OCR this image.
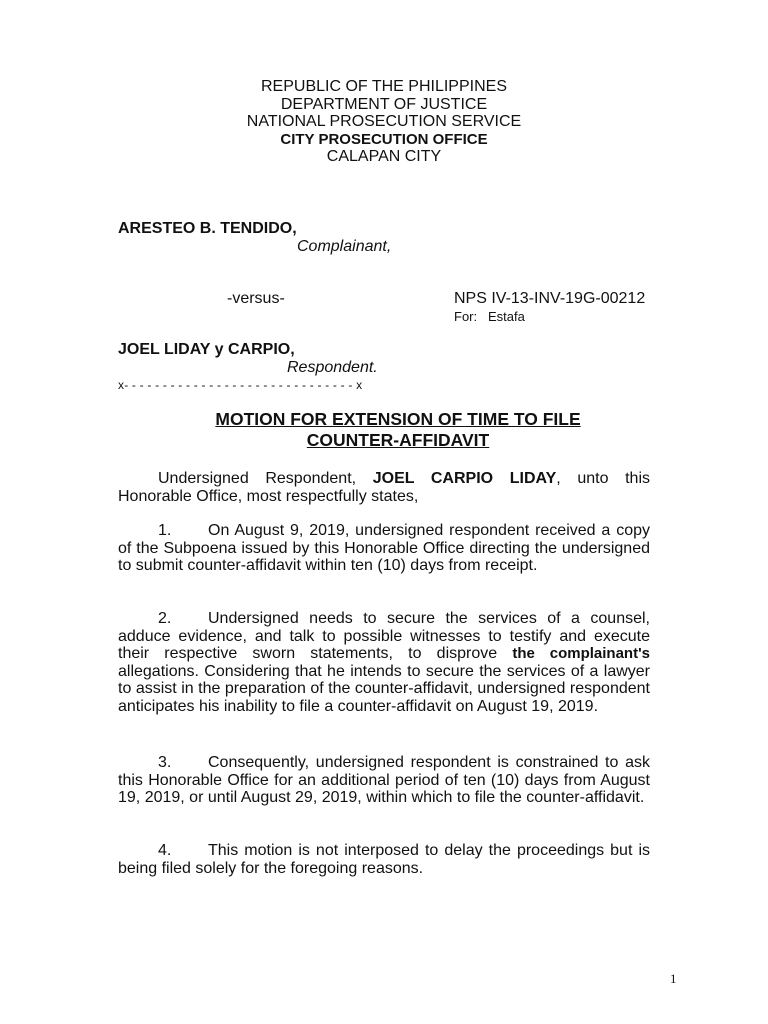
REPUBLIC OF THE PHILIPPINES
DEPARTMENT OF JUSTICE
NATIONAL PROSECUTION SERVICE
CITY PROSECUTION OFFICE
CALAPAN CITY
ARESTEO B. TENDIDO,
Complainant,
-versus-	NPS IV-13-INV-19G-00212
For: Estafa
JOEL LIDAY y CARPIO,
Respondent.
x- - - - - - - - - - - - - - - - - - - - - - - - - - - - - - x
MOTION FOR EXTENSION OF TIME TO FILE
COUNTER-AFFIDAVIT
Undersigned Respondent, JOEL CARPIO LIDAY, unto this Honorable Office, most respectfully states,
1. On August 9, 2019, undersigned respondent received a copy of the Subpoena issued by this Honorable Office directing the undersigned to submit counter-affidavit within ten (10) days from receipt.
2. Undersigned needs to secure the services of a counsel, adduce evidence, and talk to possible witnesses to testify and execute their respective sworn statements, to disprove the complainant's allegations. Considering that he intends to secure the services of a lawyer to assist in the preparation of the counter-affidavit, undersigned respondent anticipates his inability to file a counter-affidavit on August 19, 2019.
3. Consequently, undersigned respondent is constrained to ask this Honorable Office for an additional period of ten (10) days from August 19, 2019, or until August 29, 2019, within which to file the counter-affidavit.
4. This motion is not interposed to delay the proceedings but is being filed solely for the foregoing reasons.
1
